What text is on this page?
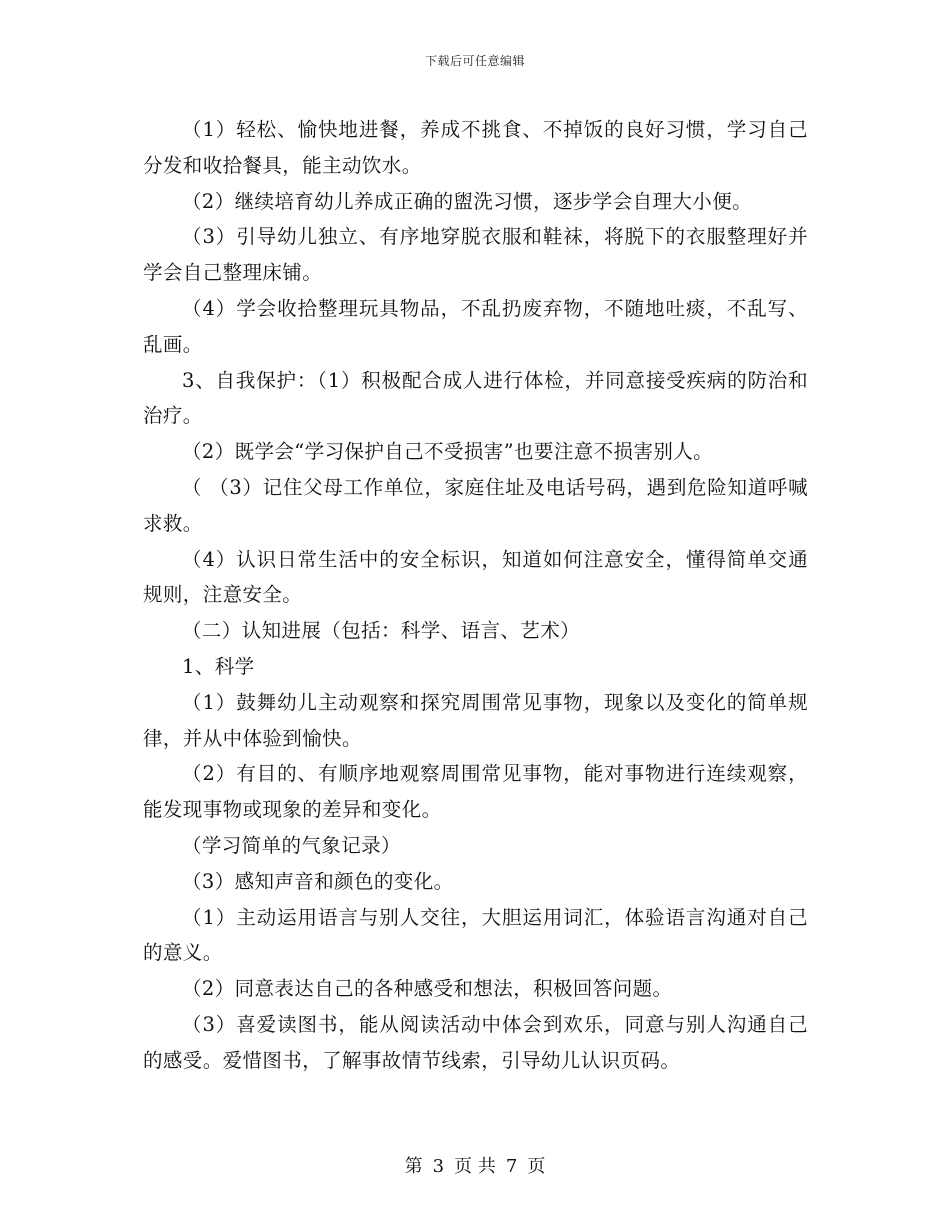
下载后可任意编辑

（1）轻松、愉快地进餐，养成不挑食、不掉饭的良好习惯，学习自己分发和收拾餐具，能主动饮水。

（2）继续培育幼儿养成正确的盥洗习惯，逐步学会自理大小便。

（3）引导幼儿独立、有序地穿脱衣服和鞋袜，将脱下的衣服整理好并学会自己整理床铺。

（4）学会收拾整理玩具物品，不乱扔废弃物，不随地吐痰，不乱写、乱画。

3、自我保护：（1）积极配合成人进行体检，并同意接受疾病的防治和治疗。

（2）既学会“学习保护自己不受损害”也要注意不损害别人。

（ （3）记住父母工作单位，家庭住址及电话号码，遇到危险知道呼喊求救。

（4）认识日常生活中的安全标识，知道如何注意安全，懂得简单交通规则，注意安全。

（二）认知进展（包括：科学、语言、艺术）

1、科学

（1）鼓舞幼儿主动观察和探究周围常见事物，现象以及变化的简单规律，并从中体验到愉快。

（2）有目的、有顺序地观察周围常见事物，能对事物进行连续观察，能发现事物或现象的差异和变化。

（学习简单的气象记录）

（3）感知声音和颜色的变化。

（1）主动运用语言与别人交往，大胆运用词汇，体验语言沟通对自己的意义。

（2）同意表达自己的各种感受和想法，积极回答问题。

（3）喜爱读图书，能从阅读活动中体会到欢乐，同意与别人沟通自己的感受。爱惜图书，了解事故情节线索，引导幼儿认识页码。

第 3 页 共 7 页
